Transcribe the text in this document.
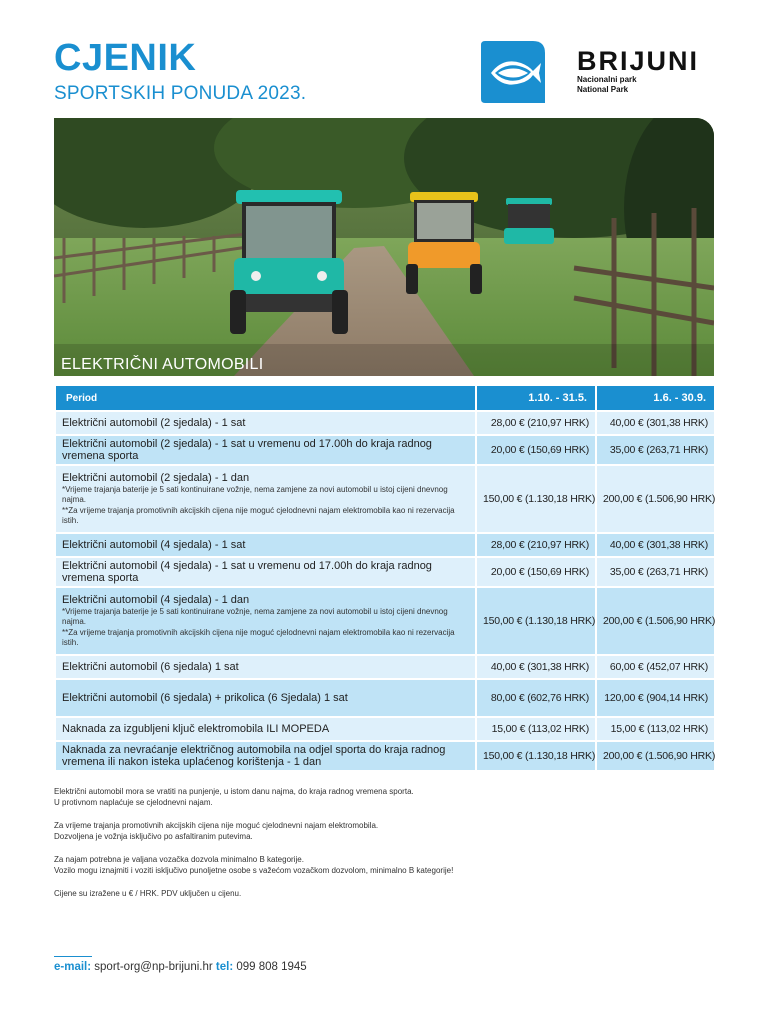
CJENIK
SPORTSKIH PONUDA 2023.
BRIJUNI
Nacionalni park
National Park
ELEKTRIČNI AUTOMOBILI
Period	1.10. - 31.5.	1.6. - 30.9.
Električni automobil (2 sjedala) - 1 sat	28,00 € (210,97 HRK)	40,00 € (301,38 HRK)
Električni automobil (2 sjedala) - 1 sat u vremenu od 17.00h do kraja radnog vremena sporta	20,00 € (150,69 HRK)	35,00 € (263,71 HRK)
Električni automobil (2 sjedala) - 1 dan
*Vrijeme trajanja baterije je 5 sati kontinuirane vožnje, nema zamjene za novi automobil u istoj cijeni dnevnog najma.
**Za vrijeme trajanja promotivnih akcijskih cijena nije moguć cjelodnevni najam elektromobila kao ni rezervacija istih.	150,00 € (1.130,18 HRK)	200,00 € (1.506,90 HRK)
Električni automobil (4 sjedala) - 1 sat	28,00 € (210,97 HRK)	40,00 € (301,38 HRK)
Električni automobil (4 sjedala) - 1 sat u vremenu od 17.00h do kraja radnog vremena sporta	20,00 € (150,69 HRK)	35,00 € (263,71 HRK)
Električni automobil (4 sjedala) - 1 dan
*Vrijeme trajanja baterije je 5 sati kontinuirane vožnje, nema zamjene za novi automobil u istoj cijeni dnevnog najma.
**Za vrijeme trajanja promotivnih akcijskih cijena nije moguć cjelodnevni najam elektromobila kao ni rezervacija istih.	150,00 € (1.130,18 HRK)	200,00 € (1.506,90 HRK)
Električni automobil (6 sjedala) 1 sat	40,00 € (301,38 HRK)	60,00 € (452,07 HRK)
Električni automobil (6 sjedala) + prikolica (6 Sjedala) 1 sat	80,00 € (602,76 HRK)	120,00 € (904,14 HRK)
Naknada za izgubljeni ključ elektromobila ILI MOPEDA	15,00 € (113,02 HRK)	15,00 € (113,02 HRK)
Naknada za nevraćanje električnog automobila na odjel sporta do kraja radnog vremena ili nakon isteka uplaćenog korištenja - 1 dan	150,00 € (1.130,18 HRK)	200,00 € (1.506,90 HRK)

Električni automobil mora se vratiti na punjenje, u istom danu najma, do kraja radnog vremena sporta.
U protivnom naplaćuje se cjelodnevni najam.

Za vrijeme trajanja promotivnih akcijskih cijena nije moguć cjelodnevni najam elektromobila.
Dozvoljena je vožnja isključivo po asfaltiranim putevima.

Za najam potrebna je valjana vozačka dozvola minimalno B kategorije.
Vozilo mogu iznajmiti i voziti isključivo punoljetne osobe s važećom vozačkom dozvolom, minimalno B kategorije!

Cijene su izražene u € / HRK. PDV uključen u cijenu.

e-mail: sport-org@np-brijuni.hr tel: 099 808 1945
